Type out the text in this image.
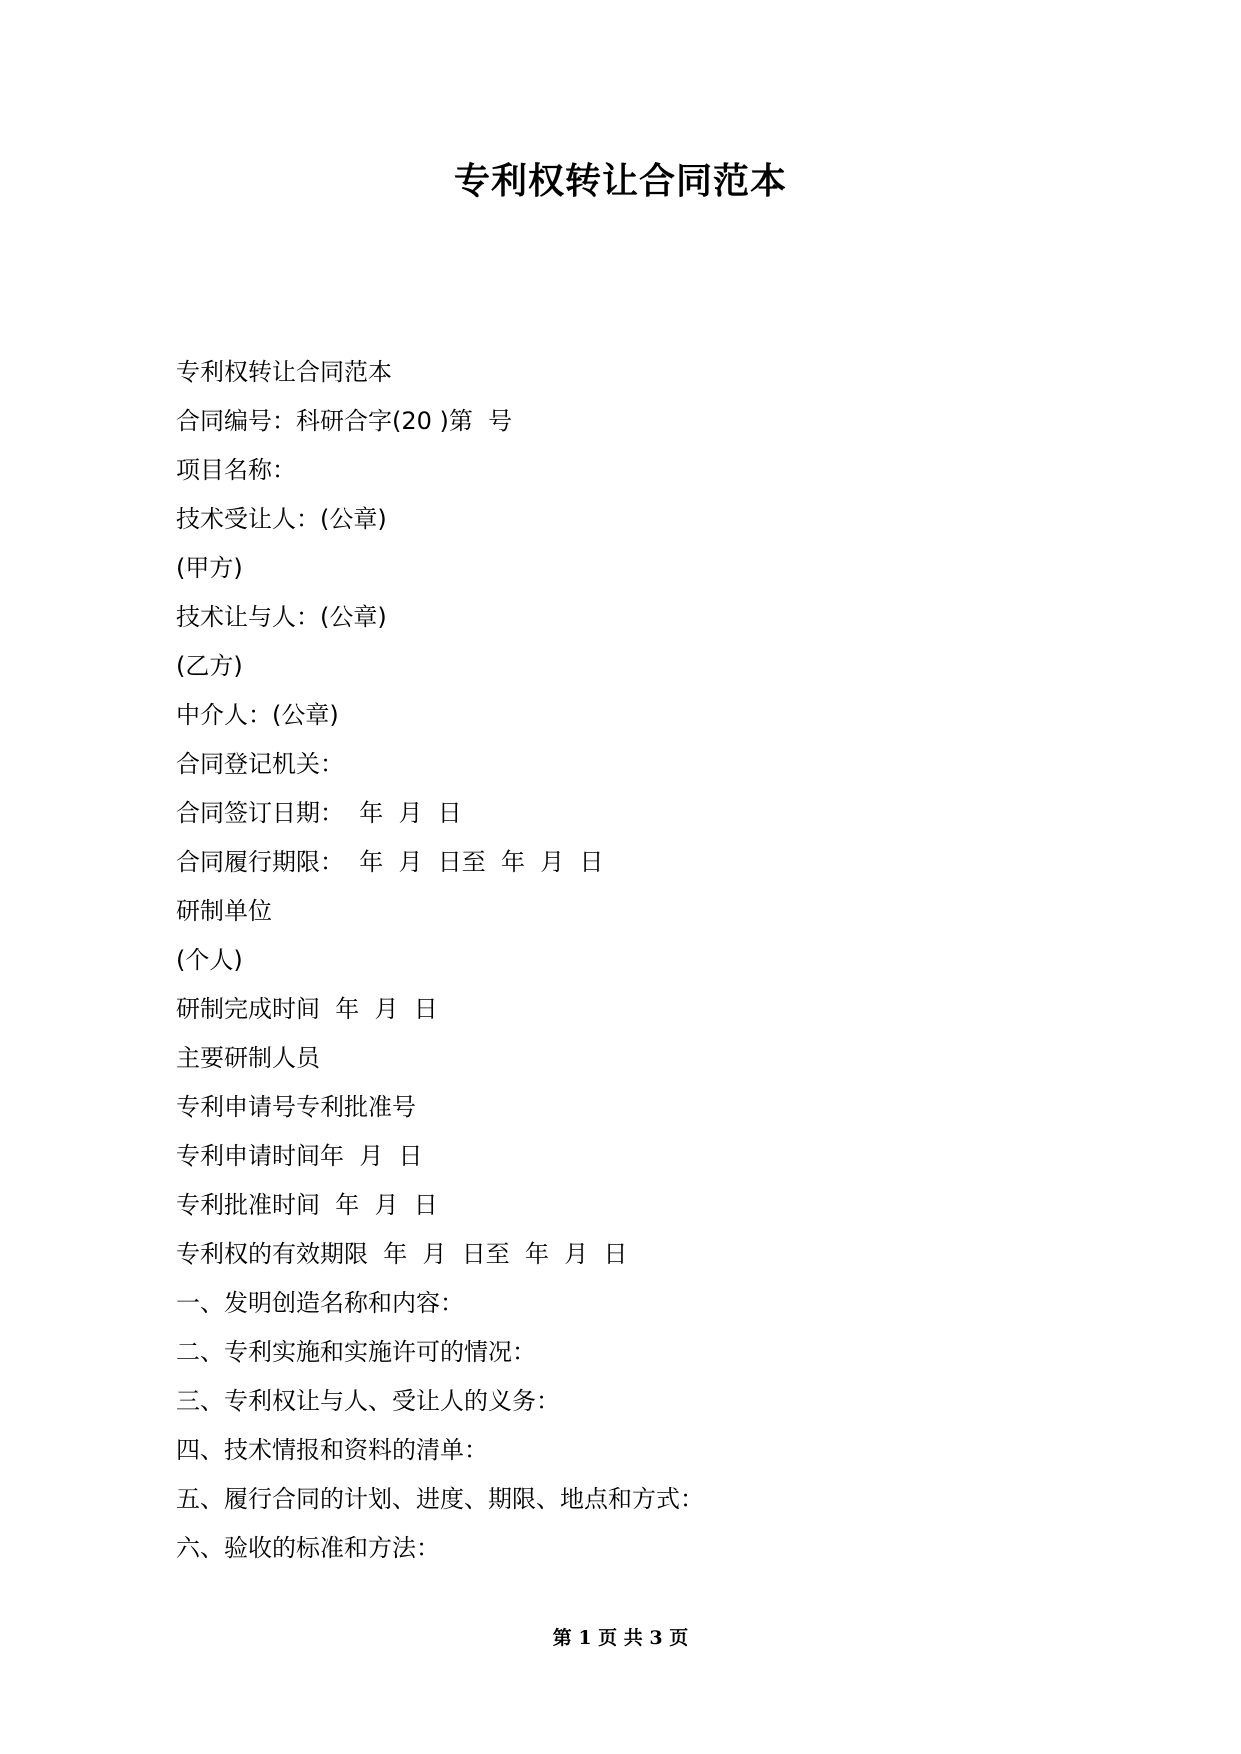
专利权转让合同范本
专利权转让合同范本
合同编号：科研合字(20 )第  号
项目名称：
技术受让人：(公章)
(甲方)
技术让与人：(公章)
(乙方)
中介人：(公章)
合同登记机关：
合同签订日期：  年  月  日
合同履行期限：  年  月  日至  年  月  日
研制单位
(个人)
研制完成时间  年  月  日
主要研制人员
专利申请号专利批准号
专利申请时间年  月  日
专利批准时间  年  月  日
专利权的有效期限  年  月  日至  年  月  日
一、发明创造名称和内容：
二、专利实施和实施许可的情况：
三、专利权让与人、受让人的义务：
四、技术情报和资料的清单：
五、履行合同的计划、进度、期限、地点和方式：
六、验收的标准和方法：
第 1 页 共 3 页
